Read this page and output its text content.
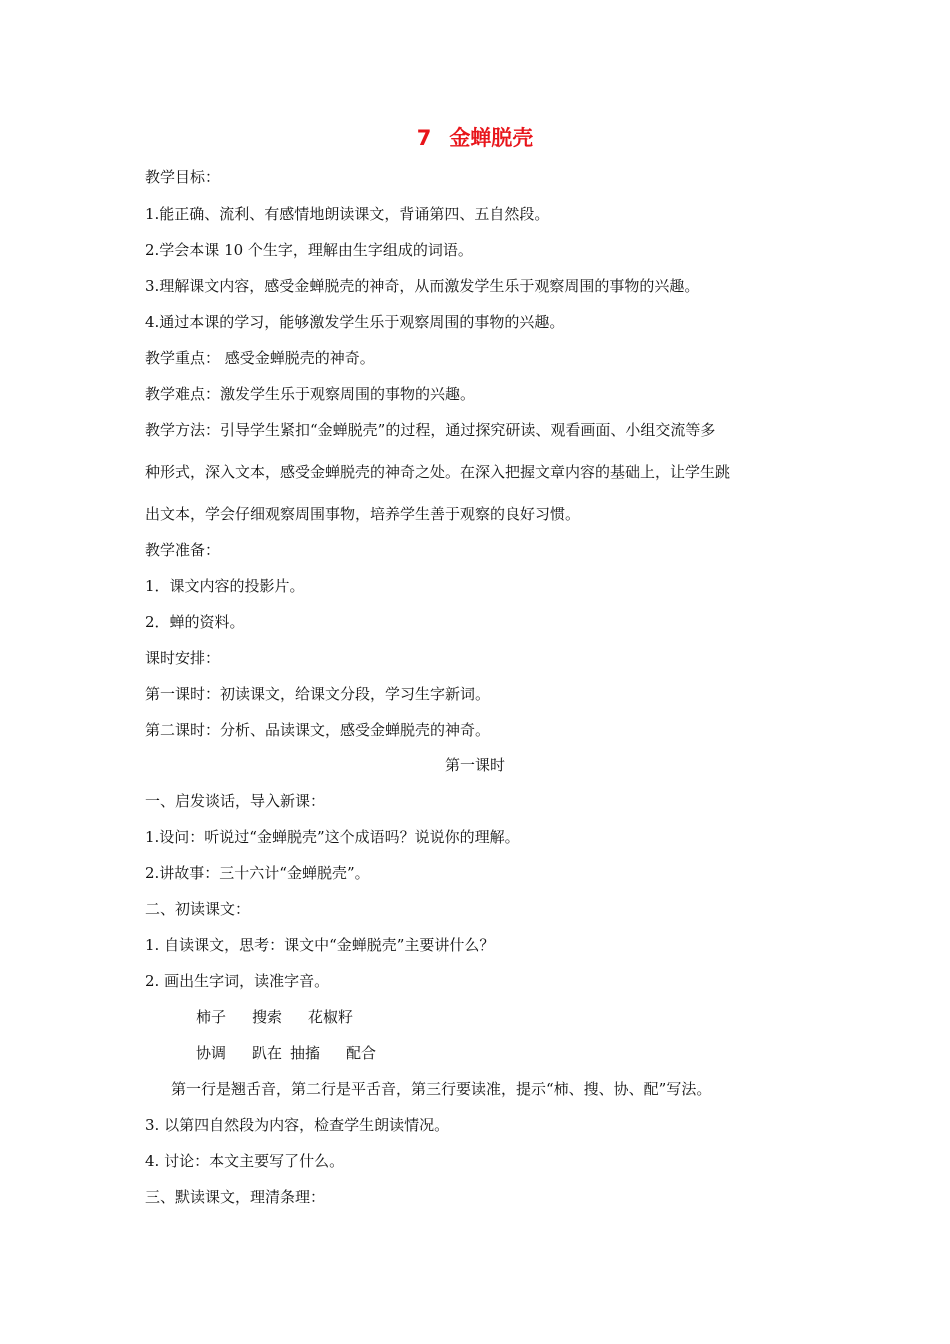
7 金蝉脱壳
教学目标：
1.能正确、流利、有感情地朗读课文，背诵第四、五自然段。
2.学会本课 10 个生字，理解由生字组成的词语。
3.理解课文内容，感受金蝉脱壳的神奇，从而激发学生乐于观察周围的事物的兴趣。
4.通过本课的学习，能够激发学生乐于观察周围的事物的兴趣。
教学重点： 感受金蝉脱壳的神奇。
教学难点：激发学生乐于观察周围的事物的兴趣。
教学方法：引导学生紧扣“金蝉脱壳”的过程，通过探究研读、观看画面、小组交流等多
种形式，深入文本，感受金蝉脱壳的神奇之处。在深入把握文章内容的基础上，让学生跳
出文本，学会仔细观察周围事物，培养学生善于观察的良好习惯。
教学准备：
1．课文内容的投影片。
2．蝉的资料。
课时安排：
第一课时：初读课文，给课文分段，学习生字新词。
第二课时：分析、品读课文，感受金蝉脱壳的神奇。
第一课时
一、启发谈话，导入新课：
1.设问：听说过“金蝉脱壳”这个成语吗？说说你的理解。
2.讲故事：三十六计“金蝉脱壳”。
二、初读课文：
1. 自读课文，思考：课文中“金蝉脱壳”主要讲什么？
2. 画出生字词，读准字音。
柿子 搜索 花椒籽
协调 趴在 抽搐 配合
第一行是翘舌音，第二行是平舌音，第三行要读准，提示“柿、搜、协、配”写法。
3. 以第四自然段为内容，检查学生朗读情况。
4. 讨论：本文主要写了什么。
三、默读课文，理清条理：
